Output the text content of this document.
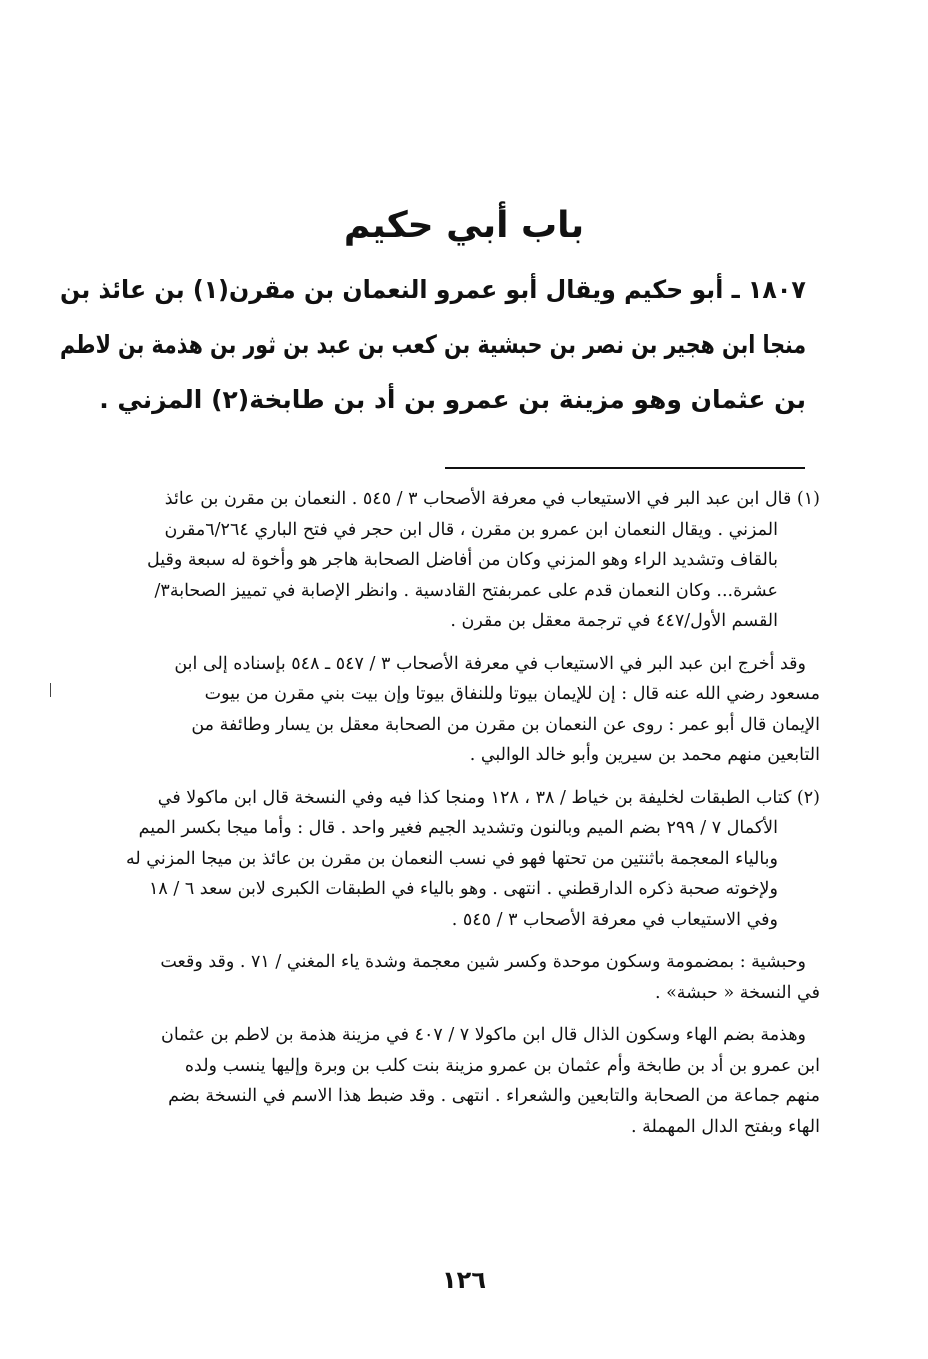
باب أبي حكيم
١٨٠٧ ـ أبو حكيم ويقال أبو عمرو النعمان بن مقرن(١) بن عائذ بن
منجا ابن هجير بن نصر بن حبشية بن كعب بن عبد بن ثور بن هذمة بن لاطم
بن عثمان وهو مزينة بن عمرو بن أد بن طابخة(٢) المزني .
(١) قال ابن عبد البر في الاستيعاب في معرفة الأصحاب ٣ / ٥٤٥ . النعمان بن مقرن بن عائذ
المزني . ويقال النعمان ابن عمرو بن مقرن ، قال ابن حجر في فتح الباري ٦/٢٦٤مقرن
بالقاف وتشديد الراء وهو المزني وكان من أفاضل الصحابة هاجر هو وأخوة له سبعة وقيل
عشرة... وكان النعمان قدم على عمربفتح القادسية . وانظر الإصابة في تمييز الصحابة٣/
القسم الأول/٤٤٧ في ترجمة معقل بن مقرن .
وقد أخرج ابن عبد البر في الاستيعاب في معرفة الأصحاب ٣ / ٥٤٧ ـ ٥٤٨ بإسناده إلى ابن
مسعود رضي الله عنه قال : إن للإيمان بيوتا وللنفاق بيوتا وإن بيت بني مقرن من بيوت
الإيمان قال أبو عمر : روى عن النعمان بن مقرن من الصحابة معقل بن يسار وطائفة من
التابعين منهم محمد بن سيرين وأبو خالد الوالبي .
(٢) كتاب الطبقات لخليفة بن خياط / ٣٨ ، ١٢٨ ومنجا كذا فيه وفي النسخة قال ابن ماكولا في
الأكمال ٧ / ٢٩٩ بضم الميم وبالنون وتشديد الجيم فغير واحد . قال : وأما ميجا بكسر الميم
وبالياء المعجمة باثنتين من تحتها فهو في نسب النعمان بن مقرن بن عائذ بن ميجا المزني له
ولإخوته صحبة ذكره الدارقطني . انتهى . وهو بالياء في الطبقات الكبرى لابن سعد ٦ / ١٨
وفي الاستيعاب في معرفة الأصحاب ٣ / ٥٤٥ .
وحبشية : بمضمومة وسكون موحدة وكسر شين معجمة وشدة ياء المغني / ٧١ . وقد وقعت
في النسخة « حبشة» .
وهذمة بضم الهاء وسكون الذال قال ابن ماكولا ٧ / ٤٠٧ في مزينة هذمة بن لاطم بن عثمان
ابن عمرو بن أد بن طابخة وأم عثمان بن عمرو مزينة بنت كلب بن وبرة وإليها ينسب ولده
منهم جماعة من الصحابة والتابعين والشعراء . انتهى . وقد ضبط هذا الاسم في النسخة بضم
الهاء وبفتح الدال المهملة .
١٢٦
